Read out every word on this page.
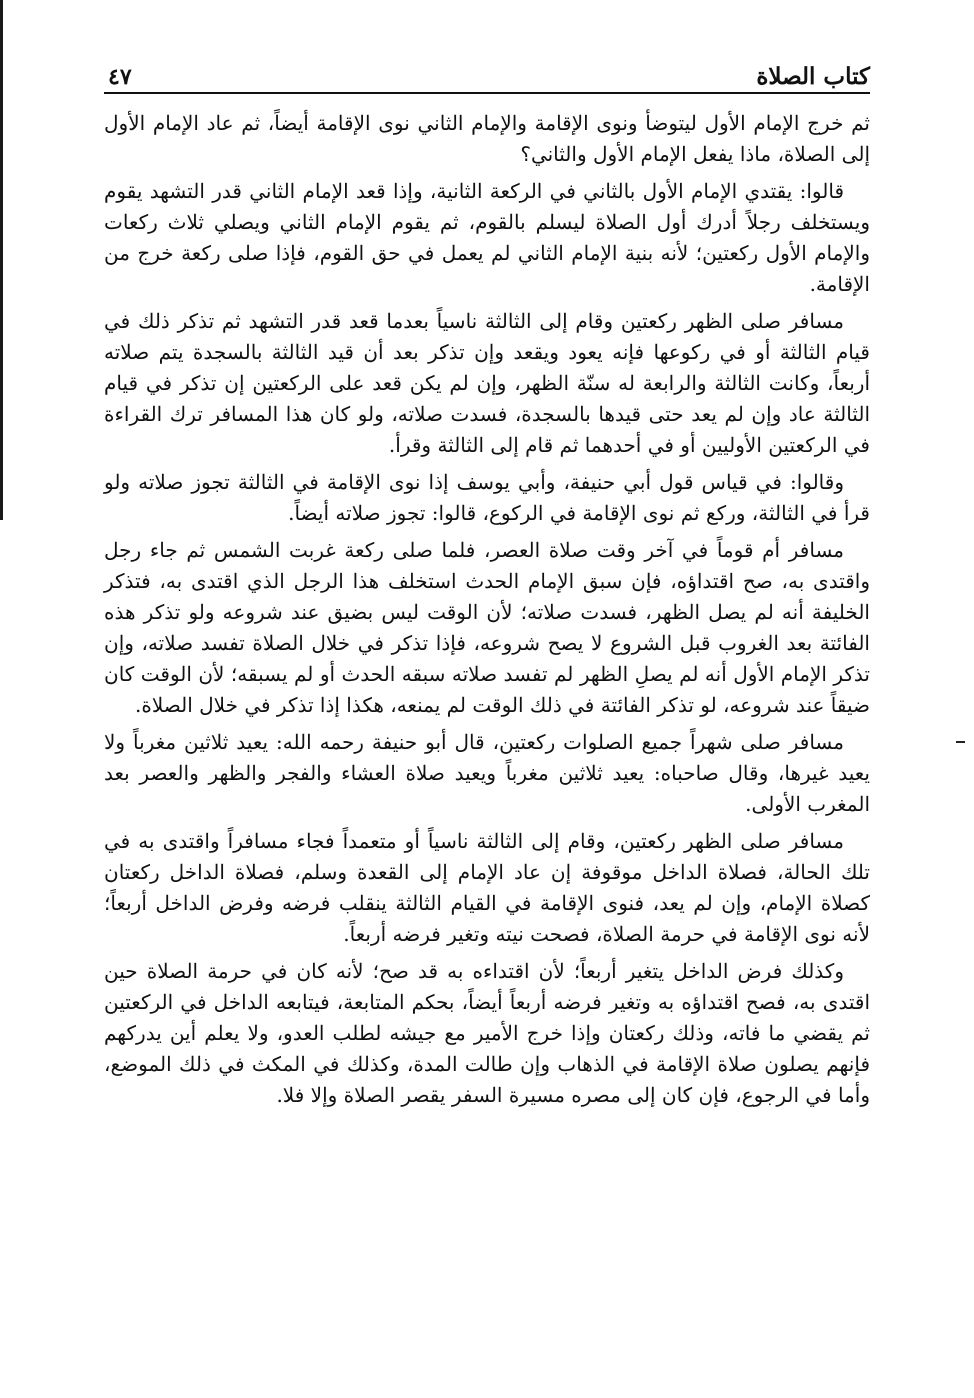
كتاب الصلاة
٤٧

ثم خرج الإمام الأول ليتوضأ ونوى الإقامة والإمام الثاني نوى الإقامة أيضاً، ثم عاد الإمام الأول إلى الصلاة، ماذا يفعل الإمام الأول والثاني؟

قالوا: يقتدي الإمام الأول بالثاني في الركعة الثانية، وإذا قعد الإمام الثاني قدر التشهد يقوم ويستخلف رجلاً أدرك أول الصلاة ليسلم بالقوم، ثم يقوم الإمام الثاني ويصلي ثلاث ركعات والإمام الأول ركعتين؛ لأنه بنية الإمام الثاني لم يعمل في حق القوم، فإذا صلى ركعة خرج من الإقامة.

مسافر صلى الظهر ركعتين وقام إلى الثالثة ناسياً بعدما قعد قدر التشهد ثم تذكر ذلك في قيام الثالثة أو في ركوعها فإنه يعود ويقعد وإن تذكر بعد أن قيد الثالثة بالسجدة يتم صلاته أربعاً، وكانت الثالثة والرابعة له سنّة الظهر، وإن لم يكن قعد على الركعتين إن تذكر في قيام الثالثة عاد وإن لم يعد حتى قيدها بالسجدة، فسدت صلاته، ولو كان هذا المسافر ترك القراءة في الركعتين الأوليين أو في أحدهما ثم قام إلى الثالثة وقرأ.

وقالوا: في قياس قول أبي حنيفة، وأبي يوسف إذا نوى الإقامة في الثالثة تجوز صلاته ولو قرأ في الثالثة، وركع ثم نوى الإقامة في الركوع، قالوا: تجوز صلاته أيضاً.

مسافر أم قوماً في آخر وقت صلاة العصر، فلما صلى ركعة غربت الشمس ثم جاء رجل واقتدى به، صح اقتداؤه، فإن سبق الإمام الحدث استخلف هذا الرجل الذي اقتدى به، فتذكر الخليفة أنه لم يصل الظهر، فسدت صلاته؛ لأن الوقت ليس بضيق عند شروعه ولو تذكر هذه الفائتة بعد الغروب قبل الشروع لا يصح شروعه، فإذا تذكر في خلال الصلاة تفسد صلاته، وإن تذكر الإمام الأول أنه لم يصلِ الظهر لم تفسد صلاته سبقه الحدث أو لم يسبقه؛ لأن الوقت كان ضيقاً عند شروعه، لو تذكر الفائتة في ذلك الوقت لم يمنعه، هكذا إذا تذكر في خلال الصلاة.

مسافر صلى شهراً جميع الصلوات ركعتين، قال أبو حنيفة رحمه الله: يعيد ثلاثين مغرباً ولا يعيد غيرها، وقال صاحباه: يعيد ثلاثين مغرباً ويعيد صلاة العشاء والفجر والظهر والعصر بعد المغرب الأولى.

مسافر صلى الظهر ركعتين، وقام إلى الثالثة ناسياً أو متعمداً فجاء مسافراً واقتدى به في تلك الحالة، فصلاة الداخل موقوفة إن عاد الإمام إلى القعدة وسلم، فصلاة الداخل ركعتان كصلاة الإمام، وإن لم يعد، فنوى الإقامة في القيام الثالثة ينقلب فرضه وفرض الداخل أربعاً؛ لأنه نوى الإقامة في حرمة الصلاة، فصحت نيته وتغير فرضه أربعاً.

وكذلك فرض الداخل يتغير أربعاً؛ لأن اقتداءه به قد صح؛ لأنه كان في حرمة الصلاة حين اقتدى به، فصح اقتداؤه به وتغير فرضه أربعاً أيضاً، بحكم المتابعة، فيتابعه الداخل في الركعتين ثم يقضي ما فاته، وذلك ركعتان وإذا خرج الأمير مع جيشه لطلب العدو، ولا يعلم أين يدركهم فإنهم يصلون صلاة الإقامة في الذهاب وإن طالت المدة، وكذلك في المكث في ذلك الموضع، وأما في الرجوع، فإن كان إلى مصره مسيرة السفر يقصر الصلاة وإلا فلا.
